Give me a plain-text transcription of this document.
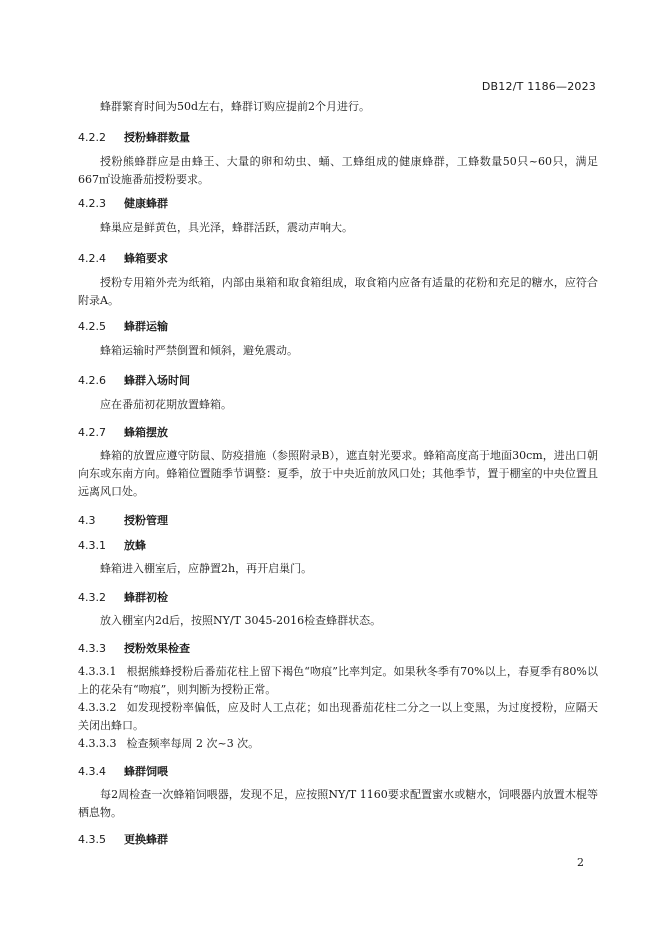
DB12/T 1186—2023
蜂群繁育时间为50d左右，蜂群订购应提前2个月进行。
4.2.2 授粉蜂群数量
授粉熊蜂群应是由蜂王、大量的卵和幼虫、蛹、工蜂组成的健康蜂群，工蜂数量50只~60只，满足667㎡设施番茄授粉要求。
4.2.3 健康蜂群
蜂巢应是鲜黄色，具光泽，蜂群活跃，震动声响大。
4.2.4 蜂箱要求
授粉专用箱外壳为纸箱，内部由巢箱和取食箱组成，取食箱内应备有适量的花粉和充足的糖水，应符合附录A。
4.2.5 蜂群运输
蜂箱运输时严禁倒置和倾斜，避免震动。
4.2.6 蜂群入场时间
应在番茄初花期放置蜂箱。
4.2.7 蜂箱摆放
蜂箱的放置应遵守防鼠、防疫措施（参照附录B），遮直射光要求。蜂箱高度高于地面30cm，进出口朝向东或东南方向。蜂箱位置随季节调整：夏季，放于中央近前放风口处；其他季节，置于棚室的中央位置且远离风口处。
4.3	授粉管理
4.3.1 放蜂
蜂箱进入棚室后，应静置2h，再开启巢门。
4.3.2 蜂群初检
放入棚室内2d后，按照NY/T 3045-2016检查蜂群状态。
4.3.3 授粉效果检查
4.3.3.1 根据熊蜂授粉后番茄花柱上留下褐色“吻痕”比率判定。如果秋冬季有70%以上，春夏季有80%以上的花朵有“吻痕”，则判断为授粉正常。
4.3.3.2 如发现授粉率偏低，应及时人工点花；如出现番茄花柱二分之一以上变黑，为过度授粉，应隔天关闭出蜂口。
4.3.3.3 检查频率每周 2 次~3 次。
4.3.4 蜂群饲喂
每2周检查一次蜂箱饲喂器，发现不足，应按照NY/T 1160要求配置蜜水或糖水，饲喂器内放置木棍等栖息物。
4.3.5 更换蜂群
2
